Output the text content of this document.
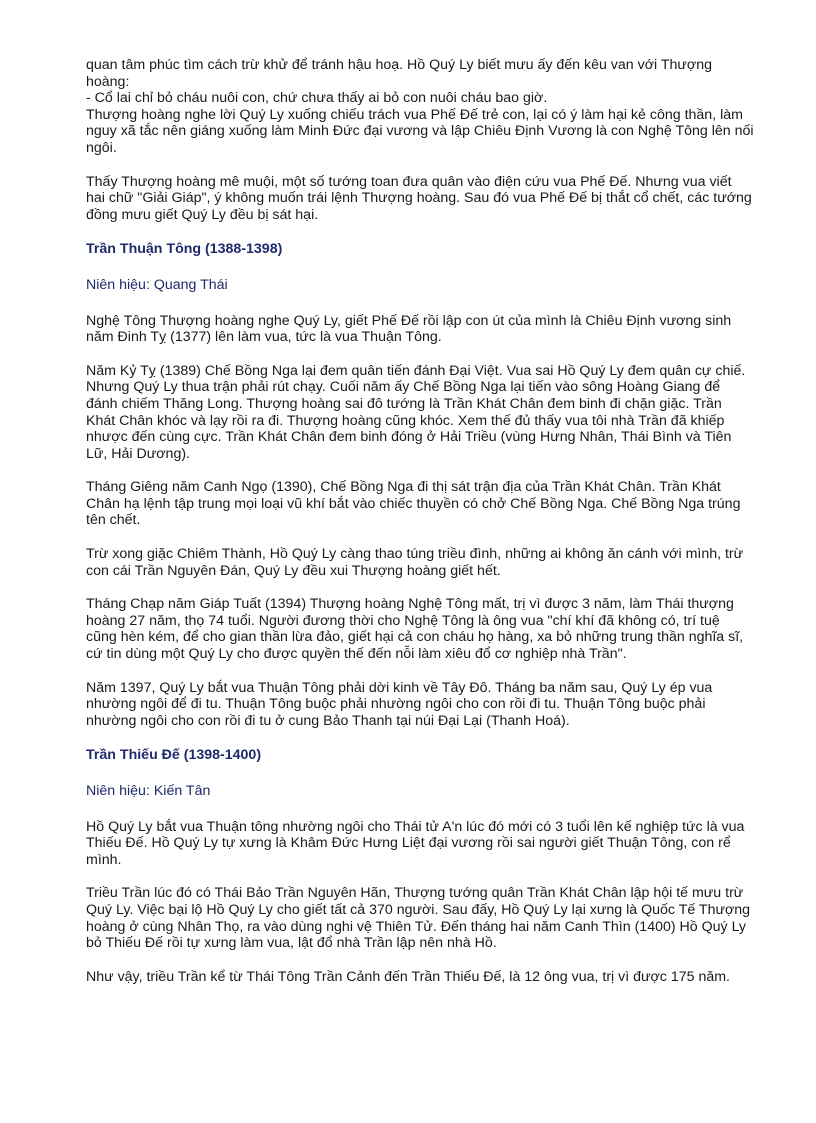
quan tâm phúc tìm cách trừ khử để tránh hậu hoạ. Hồ Quý Ly biết mưu ấy đến kêu van với Thượng hoàng:
- Cổ lai chỉ bỏ cháu nuôi con, chứ chưa thấy ai bỏ con nuôi cháu bao giờ.
Thượng hoàng nghe lời Quý Ly xuống chiếu trách vua Phế Đế trẻ con, lại có ý làm hại kẻ công thần, làm nguy xã tắc nên giáng xuống làm Minh Đức đại vương và lập Chiêu Định Vương là con Nghệ Tông lên nối ngôi.

Thấy Thượng hoàng mê muội, một số tướng toan đưa quân vào điện cứu vua Phế Đế. Nhưng vua viết hai chữ "Giải Giáp", ý không muốn trái lệnh Thượng hoàng. Sau đó vua Phế Đế bị thắt cổ chết, các tướng đồng mưu giết Quý Ly đều bị sát hại.

Trần Thuận Tông (1388-1398)
Niên hiệu: Quang Thái

Nghệ Tông Thượng hoàng nghe Quý Ly, giết Phế Đế rồi lập con út của mình là Chiêu Định vương sinh năm Đinh Tỵ (1377) lên làm vua, tức là vua Thuận Tông.

Năm Kỷ Tỵ (1389) Chế Bồng Nga lại đem quân tiến đánh Đại Việt. Vua sai Hồ Quý Ly đem quân cự chiế. Nhưng Quý Ly thua trận phải rút chạy. Cuối năm ấy Chế Bồng Nga lại tiến vào sông Hoàng Giang để đánh chiếm Thăng Long. Thượng hoàng sai đô tướng là Trần Khát Chân đem binh đi chặn giặc. Trần Khát Chân khóc và lạy rồi ra đi. Thượng hoàng cũng khóc. Xem thế đủ thấy vua tôi nhà Trần đã khiếp nhược đến cùng cực. Trần Khát Chân đem binh đóng ở Hải Triều (vùng Hưng Nhân, Thái Bình và Tiên Lữ, Hải Dương).

Tháng Giêng năm Canh Ngọ (1390), Chế Bồng Nga đi thị sát trận địa của Trần Khát Chân. Trần Khát Chân hạ lệnh tập trung mọi loại vũ khí bắt vào chiếc thuyền có chở Chế Bồng Nga. Chế Bồng Nga trúng tên chết.

Trừ xong giặc Chiêm Thành, Hồ Quý Ly càng thao túng triều đình, những ai không ăn cánh với mình, trừ con cái Trần Nguyên Đán, Quý Ly đều xui Thượng hoàng giết hết.

Tháng Chạp năm Giáp Tuất (1394) Thượng hoàng Nghệ Tông mất, trị vì được 3 năm, làm Thái thượng hoàng 27 năm, thọ 74 tuổi. Người đương thời cho Nghệ Tông là ông vua "chí khí đã không có, trí tuệ cũng hèn kém, để cho gian thần lừa đảo, giết hại cả con cháu họ hàng, xa bỏ những trung thần nghĩa sĩ, cứ tin dùng một Quý Ly cho được quyền thế đến nỗi làm xiêu đổ cơ nghiệp nhà Trần".

Năm 1397, Quý Ly bắt vua Thuận Tông phải dời kinh về Tây Đô. Tháng ba năm sau, Quý Ly ép vua nhường ngôi để đi tu. Thuận Tông buộc phải nhường ngôi cho con rồi đi tu. Thuận Tông buộc phải nhường ngôi cho con rồi đi tu ở cung Bảo Thanh tại núi Đại Lại (Thanh Hoá).

Trần Thiếu Đế (1398-1400)
Niên hiệu: Kiến Tân

Hồ Quý Ly bắt vua Thuận tông nhường ngôi cho Thái tử A'n lúc đó mới có 3 tuổi lên kế nghiệp tức là vua Thiếu Đế. Hồ Quý Ly tự xưng là Khâm Đức Hưng Liệt đại vương rồi sai người giết Thuận Tông, con rể mình.

Triều Trần lúc đó có Thái Bảo Trần Nguyên Hãn, Thượng tướng quân Trần Khát Chân lập hội tế mưu trừ Quý Ly. Việc bại lộ Hồ Quý Ly cho giết tất cả 370 người. Sau đấy, Hồ Quý Ly lại xưng là Quốc Tế Thượng hoàng ở cùng Nhân Thọ, ra vào dùng nghi vệ Thiên Tử. Đến tháng hai năm Canh Thìn (1400) Hồ Quý Ly bỏ Thiếu Đế rồi tự xưng làm vua, lật đổ nhà Trần lập nên nhà Hồ.

Như vậy, triều Trần kể từ Thái Tông Trần Cảnh đến Trần Thiếu Đế, là 12 ông vua, trị vì được 175 năm.
